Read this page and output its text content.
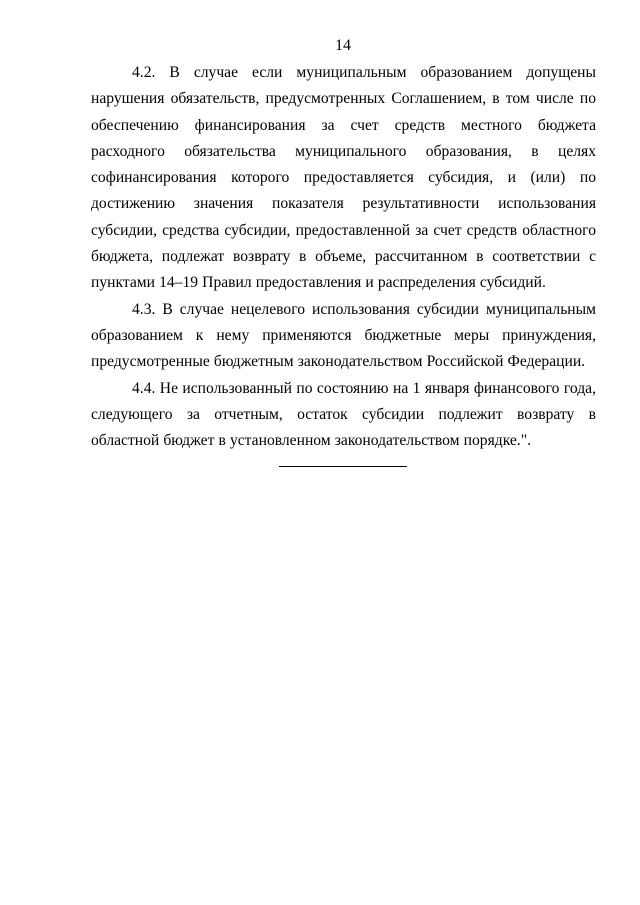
14

4.2. В случае если муниципальным образованием допущены нарушения обязательств, предусмотренных Соглашением, в том числе по обеспечению финансирования за счет средств местного бюджета расходного обязательства муниципального образования, в целях софинансирования которого предоставляется субсидия, и (или) по достижению значения показателя результативности использования субсидии, средства субсидии, предоставленной за счет средств областного бюджета, подлежат возврату в объеме, рассчитанном в соответствии с пунктами 14–19 Правил предоставления и распределения субсидий.

4.3. В случае нецелевого использования субсидии муниципальным образованием к нему применяются бюджетные меры принуждения, предусмотренные бюджетным законодательством Российской Федерации.

4.4. Не использованный по состоянию на 1 января финансового года, следующего за отчетным, остаток субсидии подлежит возврату в областной бюджет в установленном законодательством порядке.".
